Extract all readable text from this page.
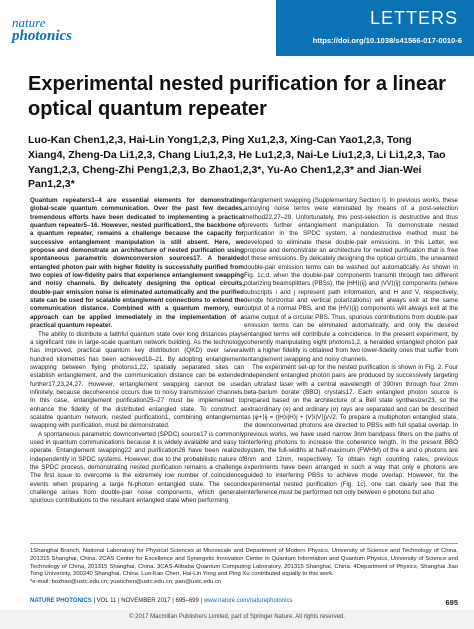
nature
photonics
LETTERS
https://doi.org/10.1038/s41566-017-0010-6
Experimental nested purification for a linear optical quantum repeater
Luo-Kan Chen1,2,3, Hai-Lin Yong1,2,3, Ping Xu1,2,3, Xing-Can Yao1,2,3, Tong Xiang4, Zheng-Da Li1,2,3, Chang Liu1,2,3, He Lu1,2,3, Nai-Le Liu1,2,3, Li Li1,2,3, Tao Yang1,2,3, Cheng-Zhi Peng1,2,3, Bo Zhao1,2,3*, Yu-Ao Chen1,2,3* and Jian-Wei Pan1,2,3*

Quantum repeaters1–4 are essential elements for demonstrating global-scale quantum communication. Over the past few decades, tremendous efforts have been dedicated to implementing a practical quantum repeater5–16. However, nested purification1, the backbone of a quantum repeater, remains a challenge because the capacity for successive entanglement manipulation is still absent. Here, we propose and demonstrate an architecture of nested purification using spontaneous parametric downconversion sources17. A heralded entangled photon pair with higher fidelity is successfully purified from two copies of low-fidelity pairs that experience entanglement swapping and noisy channels. By delicately designing the optical circuits, double-pair emission noise is eliminated automatically and the purified state can be used for scalable entanglement connections to extend the communication distance. Combined with a quantum memory, our approach can be applied immediately in the implementation of a practical quantum repeater.

The ability to distribute a faithful quantum state over long distances plays a significant role in large-scale quantum network building. As the technology has improved, practical quantum key distribution (QKD) over several hundred kilometres has been achieved18–21. By adopting entanglement swapping between flying photons1,22, spatially separated sites can establish entanglement, and the communication distance can be extended further17,23,24,27. However, entanglement swapping cannot be used infinitely, because decoherence occurs due to noisy transmission channels. In this case, entanglement purification25–27 must be implemented to enhance the fidelity of the distributed entangled state. To construct a scalable quantum network, nested purification1, combining entanglement swapping with purification, must be demonstrated.

A spontaneous parametric downconverted (SPDC) source17 is commonly used in quantum communications because it is widely available and easy to operate. Entanglement swapping22 and purification26 have been realized independently in SPDC systems. However, due to the probabilistic nature of the SPDC process, demonstrating nested purification remains a challenge. The first issue to overcome is the extremely low number of coincidence events when preparing a large N-photon entangled state. The second challenge arises from double-pair noise components, which generate spurious contributions to the resultant entangled state when performing

entanglement swapping (Supplementary Section I). In previous works, these annoying noise terms were eliminated by means of a post-selection method22,27–29. Unfortunately, this post-selection is destructive and thus prevents further entanglement manipulation. To demonstrate nested purification in the SPDC system, a nondestructive method must be developed to eliminate these double-pair emissions. In this Letter, we propose and demonstrate an architecture for nested purification that is free of these emissions. By delicately designing the optical circuits, the unwanted double-pair emission terms can be washed out automatically. As shown in Fig. 1c,d, when the double-pair components transmit through two different polarizing beamsplitters (PBSs), the |HH⟩(ij) and |VV⟩(ij) components (where subscripts i and j represent path information, and H and V, respectively, denote horizontal and vertical polarizations) will always exit at the same output of a normal PBS, and the |HV⟩(ij) components will always exit at the same output of a circular PBS. Thus, spurious contributions from double-pair emission terms can be eliminated automatically, and only the desired entangled terms will contribute a coincidence. In the present experiment, by coherently manipulating eight photons1,2, a heralded entangled photon pair with a higher fidelity is obtained from two lower-fidelity ones that suffer from entanglement swapping and noisy channels.

The experiment set-up for the nested purification is shown in Fig. 2. Four independent entangled photon pairs are produced by successively targeting an ultrafast laser with a central wavelength of 390nm through four 2mm beta-barium borate (BBO) crystals17. Each entangled photon source is prepared based on the architecture of a Bell state synthesizer23, so the extraordinary (e) and ordinary (o) rays are separated and can be described as |φ+⟩ij = (|H⟩i|H⟩j + |V⟩i|V⟩j)/√2. To prepare a multiphoton entangled state, the downconverted photons are directed to PBSs with full spatial overlap. In previous works, we have used narrow 3nm bandpass filters on the paths of interfering photons to increase the coherence length. In the present BBO system, the full-widths at half-maximum (FWHM) of the e and o photons are 6nm and 12nm, respectively. To obtain high counting rates, previous experiments have been arranged in such a way that only e photons are guided to interfering PBSs to achieve mode overlap. However, for the experimental nested purification (Fig. 1c), one can clearly see that the interference must be performed not only between e photons but also

1Shanghai Branch, National Laboratory for Physical Sciences at Microscale and Department of Modern Physics, University of Science and Technology of China, 201315 Shanghai, China. 2CAS Center for Excellence and Synergetic Innovation Center in Quantum Information and Quantum Physics, University of Science and Technology of China, 201315 Shanghai, China. 3CAS-Alibaba Quantum Computing Laboratory, 201315 Shanghai, China. 4Department of Physics, Shanghai Jiao Tong University, 200240 Shanghai, China. Luo-Kan Chen, Hai-Lin Yong and Ping Xu contributed equally to this work.

*e-mail: bozhao@ustc.edu.cn; yuaochen@ustc.edu.cn; pan@ustc.edu.cn

NATURE PHOTONICS | VOL 11 | NOVEMBER 2017 | 695–699 | www.nature.com/naturephotonics	695
© 2017 Macmillan Publishers Limited, part of Springer Nature. All rights reserved.
